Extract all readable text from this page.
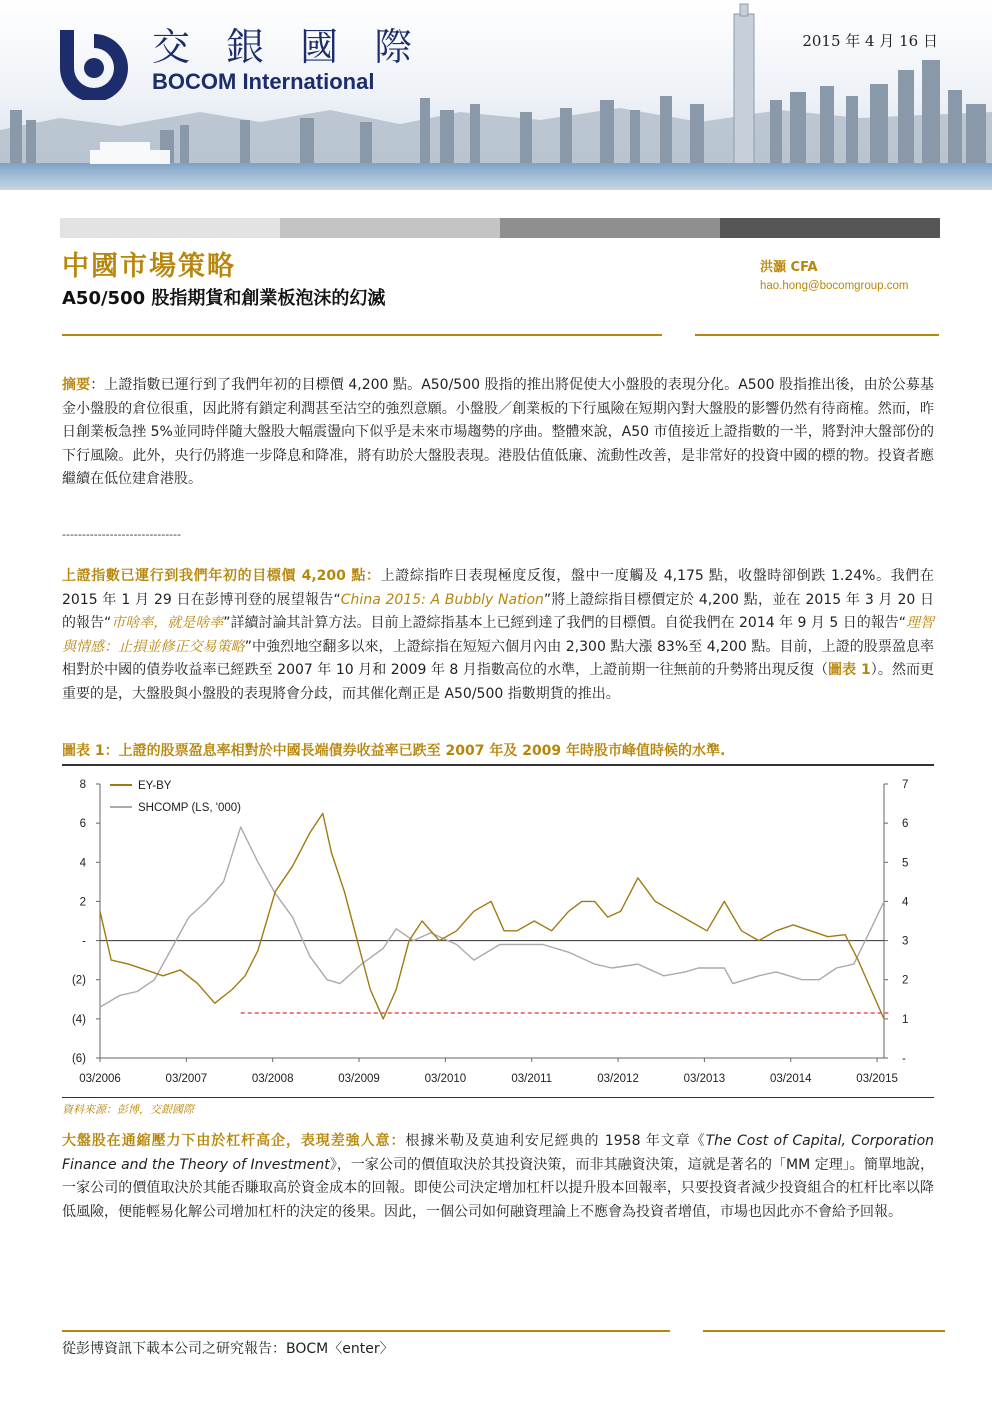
交 銀 國 際
BOCOM International
2015 年 4 月 16 日
中國市場策略
A50/500 股指期貨和創業板泡沫的幻滅
洪灝 CFA
hao.hong@bocomgroup.com
摘要：上證指數已運行到了我們年初的目標價 4,200 點。A50/500 股指的推出將促使大小盤股的表現分化。A500 股指推出後，由於公募基金小盤股的倉位很重，因此將有鎖定利潤甚至沽空的強烈意願。小盤股／創業板的下行風險在短期內對大盤股的影響仍然有待商榷。然而，昨日創業板急挫 5%並同時伴隨大盤股大幅震盪向下似乎是未來市場趨勢的序曲。整體來說，A50 市值接近上證指數的一半，將對沖大盤部份的下行風險。此外，央行仍將進一步降息和降准，將有助於大盤股表現。港股估值低廉、流動性改善，是非常好的投資中國的標的物。投資者應繼續在低位建倉港股。
------------------------------
上證指數已運行到我們年初的目標價 4,200 點：上證綜指昨日表現極度反復，盤中一度觸及 4,175 點，收盤時卻倒跌 1.24%。我們在 2015 年 1 月 29 日在彭博刊登的展望報告“China 2015: A Bubbly Nation”將上證綜指目標價定於 4,200 點，並在 2015 年 3 月 20 日的報告“市啥率，就是啥率”詳續討論其計算方法。目前上證綜指基本上已經到達了我們的目標價。自從我們在 2014 年 9 月 5 日的報告“理智與情感：止損並修正交易策略”中強烈地空翻多以來，上證綜指在短短六個月內由 2,300 點大漲 83%至 4,200 點。目前，上證的股票盈息率相對於中國的債券收益率已經跌至 2007 年 10 月和 2009 年 8 月指數高位的水準，上證前期一往無前的升勢將出現反復（圖表 1）。然而更重要的是，大盤股與小盤股的表現將會分歧，而其催化劑正是 A50/500 指數期貨的推出。
圖表 1：上證的股票盈息率相對於中國長端債券收益率已跌至 2007 年及 2009 年時股市峰值時候的水準.
8
6
4
2
-
(2)
(4)
(6)
7
6
5
4
3
2
1
-
03/2006	03/2007	03/2008	03/2009	03/2010	03/2011	03/2012	03/2013	03/2014	03/2015
EY-BY
SHCOMP (LS, '000)
資料來源：彭博，交銀國際
大盤股在通縮壓力下由於杠杆高企，表現差強人意：根據米勒及莫迪利安尼經典的 1958 年文章《The Cost of Capital, Corporation Finance and the Theory of Investment》，一家公司的價值取決於其投資決策，而非其融資決策，這就是著名的「MM 定理」。簡單地說，一家公司的價值取決於其能否賺取高於資金成本的回報。即使公司決定增加杠杆以提升股本回報率，只要投資者減少投資組合的杠杆比率以降低風險，便能輕易化解公司增加杠杆的決定的後果。因此，一個公司如何融資理論上不應會為投資者增值，市場也因此亦不會給予回報。
從彭博資訊下載本公司之研究報告：BOCM〈enter〉
